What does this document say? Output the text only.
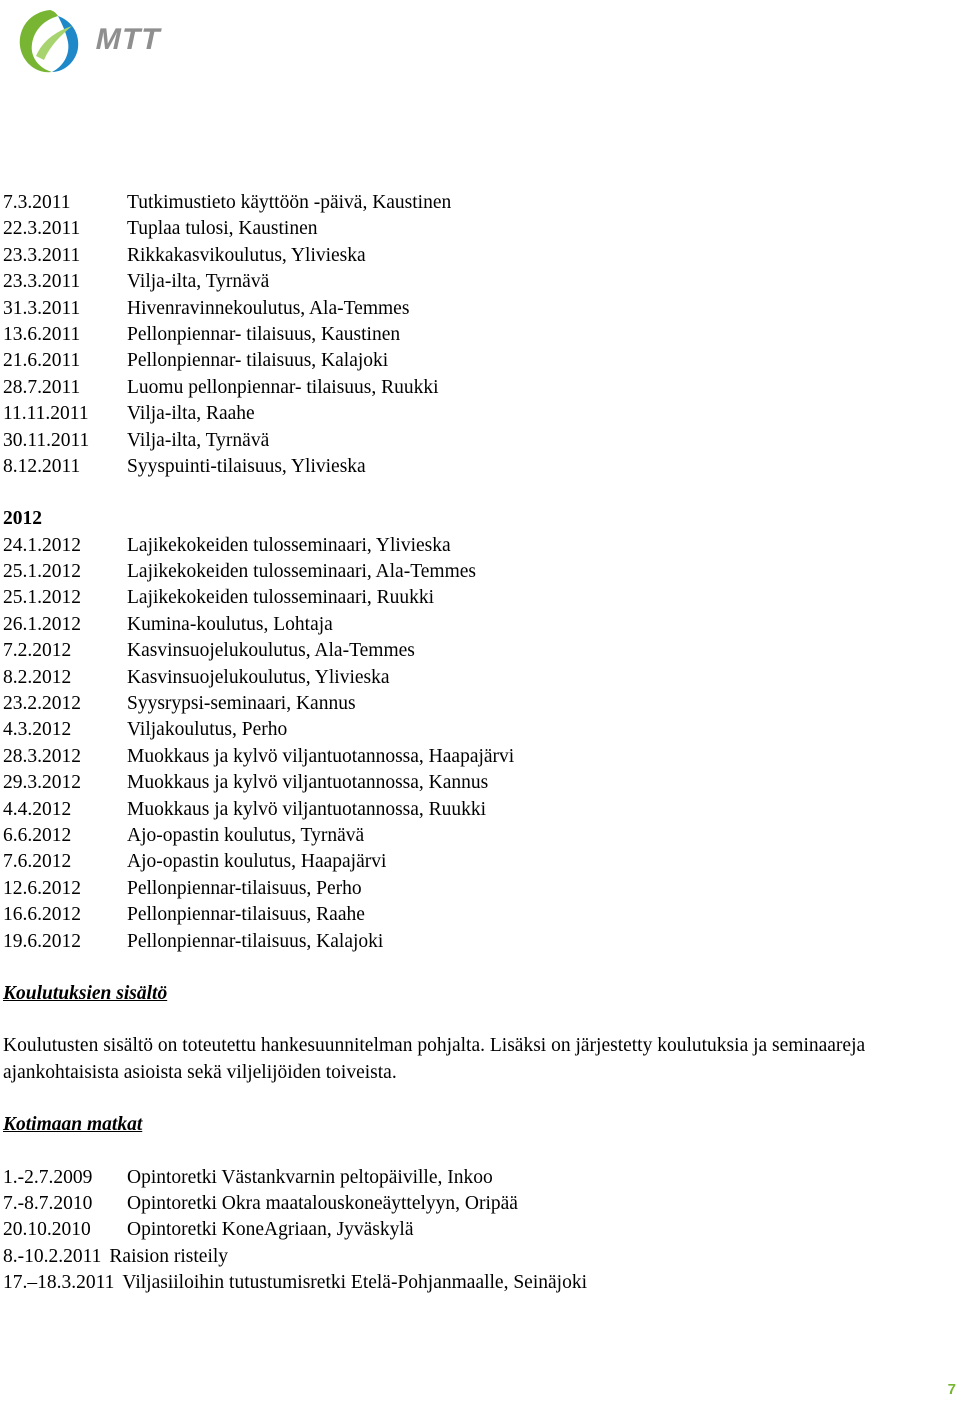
MTT
7.3.2011	Tutkimustieto käyttöön -päivä, Kaustinen
22.3.2011 Tuplaa tulosi, Kaustinen
23.3.2011 Rikkakasvikoulutus, Ylivieska
23.3.2011 Vilja-ilta, Tyrnävä
31.3.2011 Hivenravinnekoulutus, Ala-Temmes
13.6.2011 Pellonpiennar- tilaisuus, Kaustinen
21.6.2011 Pellonpiennar- tilaisuus, Kalajoki
28.7.2011 Luomu pellonpiennar- tilaisuus, Ruukki
11.11.2011 Vilja-ilta, Raahe
30.11.2011 Vilja-ilta, Tyrnävä
8.12.2011 Syyspuinti-tilaisuus, Ylivieska
2012
24.1.2012 Lajikekokeiden tulosseminaari, Ylivieska
25.1.2012 Lajikekokeiden tulosseminaari, Ala-Temmes
25.1.2012 Lajikekokeiden tulosseminaari, Ruukki
26.1.2012 Kumina-koulutus, Lohtaja
7.2.2012	Kasvinsuojelukoulutus, Ala-Temmes
8.2.2012	Kasvinsuojelukoulutus, Ylivieska
23.2.2012 Syysrypsi-seminaari, Kannus
4.3.2012	Viljakoulutus, Perho
28.3.2012 Muokkaus ja kylvö viljantuotannossa, Haapajärvi
29.3.2012 Muokkaus ja kylvö viljantuotannossa, Kannus
4.4.2012	Muokkaus ja kylvö viljantuotannossa, Ruukki
6.6.2012	Ajo-opastin koulutus, Tyrnävä
7.6.2012	Ajo-opastin koulutus, Haapajärvi
12.6.2012 Pellonpiennar-tilaisuus, Perho
16.6.2012 Pellonpiennar-tilaisuus, Raahe
19.6.2012 Pellonpiennar-tilaisuus, Kalajoki
Koulutuksien sisältö
Koulutusten sisältö on toteutettu hankesuunnitelman pohjalta. Lisäksi on järjestetty koulutuksia ja seminaareja ajankohtaisista asioista sekä viljelijöiden toiveista.
Kotimaan matkat
1.-2.7.2009 Opintoretki Västankvarnin peltopäiville, Inkoo
7.-8.7.2010 Opintoretki Okra maatalouskoneäyttelyyn, Oripää
20.10.2010 Opintoretki KoneAgriaan, Jyväskylä
8.-10.2.2011 Raision risteily
17.–18.3.2011 Viljasiiloihin tutustumisretki Etelä-Pohjanmaalle, Seinäjoki
7
